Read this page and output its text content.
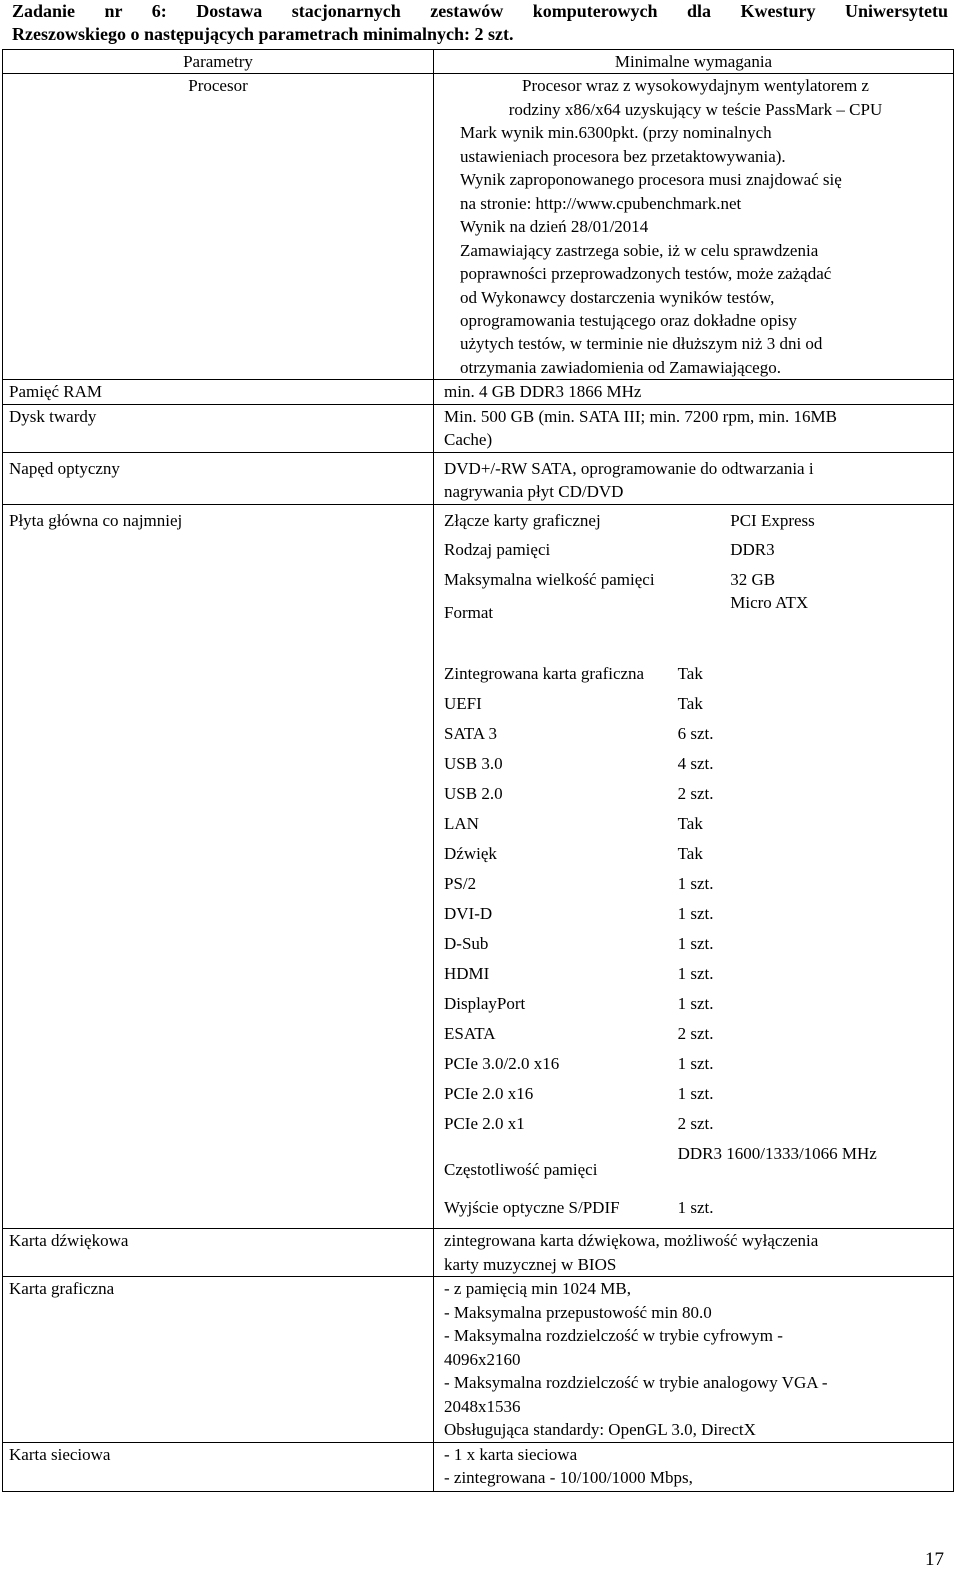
Zadanie nr 6: Dostawa stacjonarnych zestawów komputerowych dla Kwestury Uniwersytetu
Rzeszowskiego o następujących parametrach minimalnych: 2 szt.
Parametry	Minimalne wymagania
Procesor	Procesor wraz z wysokowydajnym wentylatorem z
rodziny x86/x64 uzyskujący w teście PassMark – CPU
Mark wynik min.6300pkt. (przy nominalnych
ustawieniach procesora bez przetaktowywania).
Wynik zaproponowanego procesora musi znajdować się
na stronie: http://www.cpubenchmark.net
Wynik na dzień 28/01/2014
Zamawiający zastrzega sobie, iż w celu sprawdzenia
poprawności przeprowadzonych testów, może zażądać
od Wykonawcy dostarczenia wyników testów,
oprogramowania testującego oraz dokładne opisy
użytych testów, w terminie nie dłuższym niż 3 dni od
otrzymania zawiadomienia od Zamawiającego.

Pamięć RAM	min. 4 GB DDR3 1866 MHz

Dysk twardy	Min. 500 GB (min. SATA III; min. 7200 rpm, min. 16MB
Cache)

Napęd optyczny	DVD+/-RW SATA, oprogramowanie do odtwarzania i
nagrywania płyt CD/DVD

Płyta główna co najmniej		Złącze karty graficznej	PCI Express
Rodzaj pamięci	DDR3
Maksymalna wielkość pamięci	32 GB
Format	Micro ATX

Zintegrowana karta graficzna	Tak
UEFI	Tak
SATA 3	6 szt.
USB 3.0	4 szt.
USB 2.0	2 szt.
LAN	Tak
Dźwięk	Tak
PS/2	1 szt.
DVI-D	1 szt.
D-Sub	1 szt.
HDMI	1 szt.
DisplayPort	1 szt.
ESATA	2 szt.
PCIe 3.0/2.0 x16	1 szt.
PCIe 2.0 x16	1 szt.
PCIe 2.0 x1	2 szt.
Częstotliwość pamięci	DDR3 1600/1333/1066 MHz
Wyjście optyczne S/PDIF	1 szt.

Karta dźwiękowa	zintegrowana karta dźwiękowa, możliwość wyłączenia
karty muzycznej w BIOS

Karta graficzna	- z pamięcią min 1024 MB,
- Maksymalna przepustowość min 80.0
- Maksymalna rozdzielczość w trybie cyfrowym -
4096x2160
- Maksymalna rozdzielczość w trybie analogowy VGA -
2048x1536
Obsługująca standardy: OpenGL 3.0, DirectX

Karta sieciowa	- 1 x karta sieciowa
- zintegrowana - 10/100/1000 Mbps,
17
